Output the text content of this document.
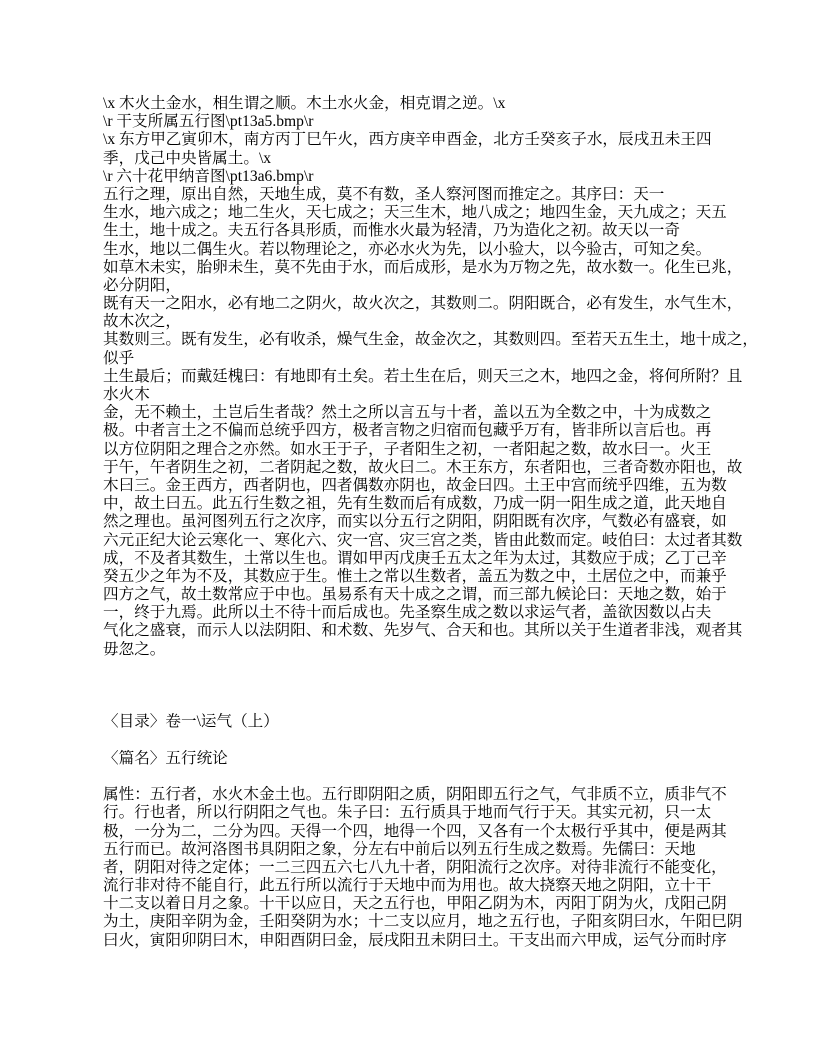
\x 木火土金水，相生谓之顺。木土水火金，相克谓之逆。\x
\r 干支所属五行图\pt13a5.bmp\r
\x 东方甲乙寅卯木，南方丙丁巳午火，西方庚辛申酉金，北方壬癸亥子水，辰戌丑未王四
季，戊己中央皆属土。\x
\r 六十花甲纳音图\pt13a6.bmp\r
五行之理，原出自然，天地生成，莫不有数，圣人察河图而推定之。其序曰：天一
生水，地六成之；地二生火，天七成之；天三生木，地八成之；地四生金，天九成之；天五
生土，地十成之。夫五行各具形质，而惟水火最为轻清，乃为造化之初。故天以一奇
生水，地以二偶生火。若以物理论之，亦必水火为先，以小验大，以今验古，可知之矣。
如草木未实，胎卵未生，莫不先由于水，而后成形，是水为万物之先，故水数一。化生已兆，
必分阴阳，
既有天一之阳水，必有地二之阴火，故火次之，其数则二。阴阳既合，必有发生，水气生木，
故木次之，
其数则三。既有发生，必有收杀，燥气生金，故金次之，其数则四。至若天五生土，地十成之，
似乎
土生最后；而戴廷槐曰：有地即有土矣。若土生在后，则天三之木，地四之金，将何所附？且
水火木
金，无不赖土，土岂后生者哉？然土之所以言五与十者，盖以五为全数之中，十为成数之
极。中者言土之不偏而总统乎四方，极者言物之归宿而包藏乎万有，皆非所以言后也。再
以方位阴阳之理合之亦然。如水王于子，子者阳生之初，一者阳起之数，故水曰一。火王
于午，午者阴生之初，二者阴起之数，故火曰二。木王东方，东者阳也，三者奇数亦阳也，故
木曰三。金王西方，西者阴也，四者偶数亦阴也，故金曰四。土王中宫而统乎四维，五为数
中，故土曰五。此五行生数之祖，先有生数而后有成数，乃成一阴一阳生成之道，此天地自
然之理也。虽河图列五行之次序，而实以分五行之阴阳，阴阳既有次序，气数必有盛衰，如
六元正纪大论云寒化一、寒化六、灾一宫、灾三宫之类，皆由此数而定。岐伯曰：太过者其数
成，不及者其数生，土常以生也。谓如甲丙戊庚壬五太之年为太过，其数应于成；乙丁己辛
癸五少之年为不及，其数应于生。惟土之常以生数者，盖五为数之中，土居位之中，而兼乎
四方之气，故土数常应于中也。虽易系有天十成之之谓，而三部九候论曰：天地之数，始于
一，终于九焉。此所以土不待十而后成也。先圣察生成之数以求运气者，盖欲因数以占夫
气化之盛衰，而示人以法阴阳、和术数、先岁气、合天和也。其所以关于生道者非浅，观者其
毋忽之。
〈目录〉卷一\运气（上）
〈篇名〉五行统论
属性：五行者，水火木金土也。五行即阴阳之质，阴阳即五行之气，气非质不立，质非气不
行。行也者，所以行阴阳之气也。朱子曰：五行质具于地而气行于天。其实元初，只一太
极，一分为二，二分为四。天得一个四，地得一个四，又各有一个太极行乎其中，便是两其
五行而已。故河洛图书具阴阳之象，分左右中前后以列五行生成之数焉。先儒曰：天地
者，阴阳对待之定体；一二三四五六七八九十者，阴阳流行之次序。对待非流行不能变化，
流行非对待不能自行，此五行所以流行于天地中而为用也。故大挠察天地之阴阳，立十干
十二支以着日月之象。十干以应日，天之五行也，甲阳乙阴为木，丙阳丁阴为火，戊阳己阴
为土，庚阳辛阴为金，壬阳癸阴为水；十二支以应月，地之五行也，子阳亥阴曰水，午阳巳阴
曰火，寅阳卯阴曰木，申阳酉阴曰金，辰戌阳丑未阴曰土。干支出而六甲成，运气分而时序
